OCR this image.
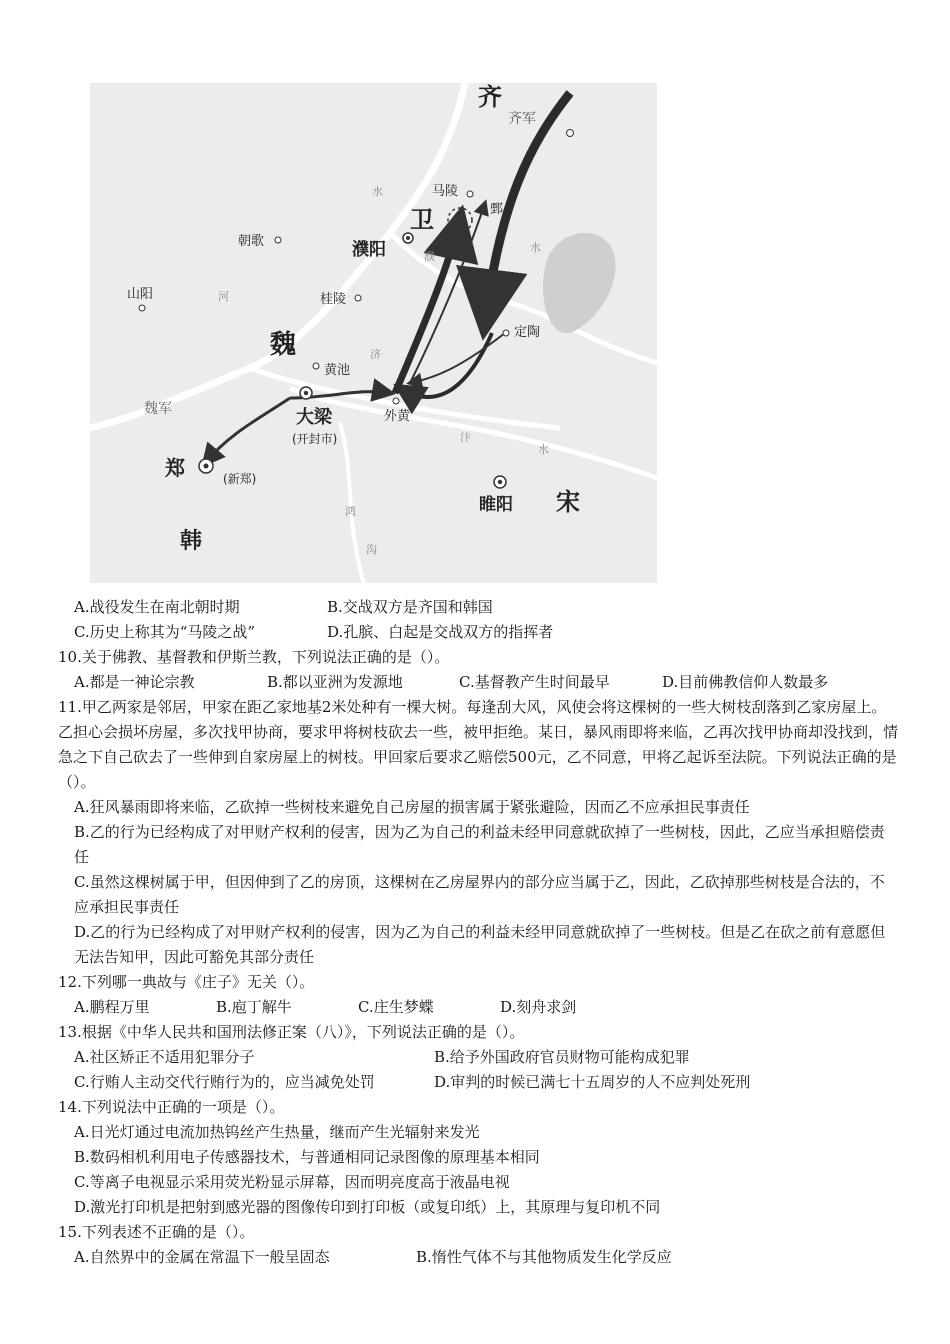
齐
齐军
马陵
鄄
卫
朝歌	濮阳
山阳	桂陵
定陶
魏
黄池
大梁
(开封市)
外黄
魏军
郑	(新郑)
睢阳 宋
韩
水
河
濮
水
济
汴
水
鸿
沟
A.战役发生在南北朝时期	B.交战双方是齐国和韩国
C.历史上称其为“马陵之战”	D.孔膑、白起是交战双方的指挥者
10.关于佛教、基督教和伊斯兰教，下列说法正确的是（）。
A.都是一神论宗教	B.都以亚洲为发源地	C.基督教产生时间最早	D.目前佛教信仰人数最多
11.甲乙两家是邻居，甲家在距乙家地基2米处种有一棵大树。每逢刮大风，风使会将这棵树的一些大树枝刮落到乙家房屋上。乙担心会损坏房屋，多次找甲协商，要求甲将树枝砍去一些，被甲拒绝。某日，暴风雨即将来临，乙再次找甲协商却没找到，情急之下自己砍去了一些伸到自家房屋上的树枝。甲回家后要求乙赔偿500元，乙不同意，甲将乙起诉至法院。下列说法正确的是（）。
A.狂风暴雨即将来临，乙砍掉一些树枝来避免自己房屋的损害属于紧张避险，因而乙不应承担民事责任
B.乙的行为已经构成了对甲财产权利的侵害，因为乙为自己的利益未经甲同意就砍掉了一些树枝，因此，乙应当承担赔偿责任
C.虽然这棵树属于甲，但因伸到了乙的房顶，这棵树在乙房屋界内的部分应当属于乙，因此，乙砍掉那些树枝是合法的，不应承担民事责任
D.乙的行为已经构成了对甲财产权利的侵害，因为乙为自己的利益未经甲同意就砍掉了一些树枝。但是乙在砍之前有意愿但无法告知甲，因此可豁免其部分责任
12.下列哪一典故与《庄子》无关（）。
A.鹏程万里	B.庖丁解牛	C.庄生梦蝶	D.刻舟求剑
13.根据《中华人民共和国刑法修正案（八）》，下列说法正确的是（）。
A.社区矫正不适用犯罪分子	B.给予外国政府官员财物可能构成犯罪
C.行贿人主动交代行贿行为的，应当减免处罚	D.审判的时候已满七十五周岁的人不应判处死刑
14.下列说法中正确的一项是（）。
A.日光灯通过电流加热钨丝产生热量，继而产生光辐射来发光
B.数码相机利用电子传感器技术，与普通相同记录图像的原理基本相同
C.等离子电视显示采用荧光粉显示屏幕，因而明亮度高于液晶电视
D.激光打印机是把射到感光器的图像传印到打印板（或复印纸）上，其原理与复印机不同
15.下列表述不正确的是（）。
A.自然界中的金属在常温下一般呈固态	B.惰性气体不与其他物质发生化学反应
